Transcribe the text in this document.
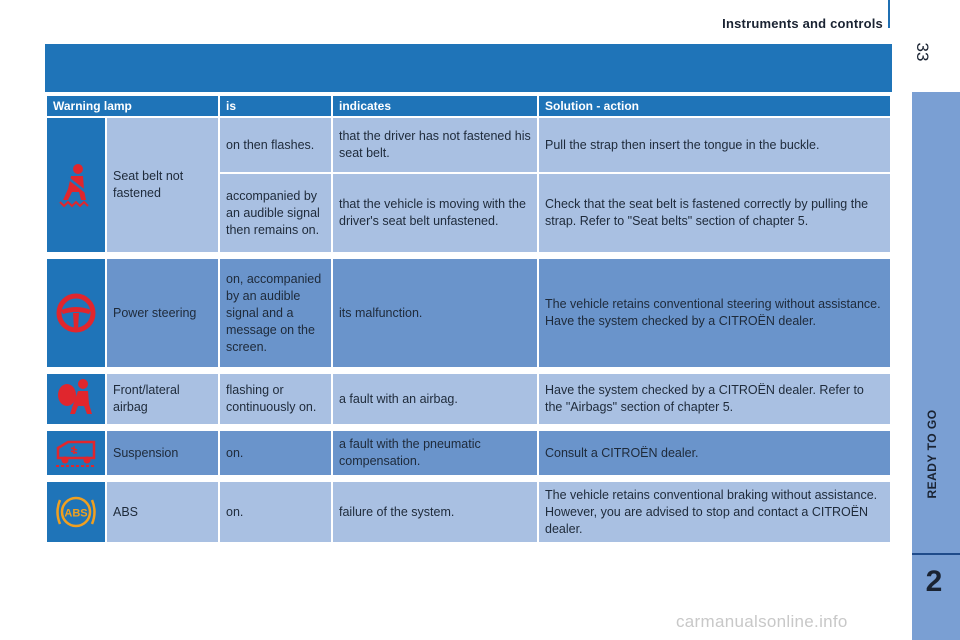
Instruments and controls
33
READY TO GO
2
Warning lamp		is	indicates	Solution - action

	Seat belt not fastened	on then flashes.	that the driver has not fastened his seat belt.	Pull the strap then insert the tongue in the buckle.
		accompanied by an audible signal then remains on.	that the vehicle is moving with the driver's seat belt unfastened.	Check that the seat belt is fastened correctly by pulling the strap. Refer to "Seat belts" section of chapter 5.

	Power steering	on, accompanied by an audible signal and a message on the screen.	its malfunction.	The vehicle retains conventional steering without assistance. Have the system checked by a CITROËN dealer.

	Front/lateral airbag	flashing or continuously on.	a fault with an airbag.	Have the system checked by a CITROËN dealer. Refer to the "Airbags" section of chapter 5.

	Suspension	on.	a fault with the pneumatic compensation.	Consult a CITROËN dealer.

ABS	ABS	on.	failure of the system.	The vehicle retains conventional braking without assistance. However, you are advised to stop and contact a CITROËN dealer.
carmanualsonline.info
